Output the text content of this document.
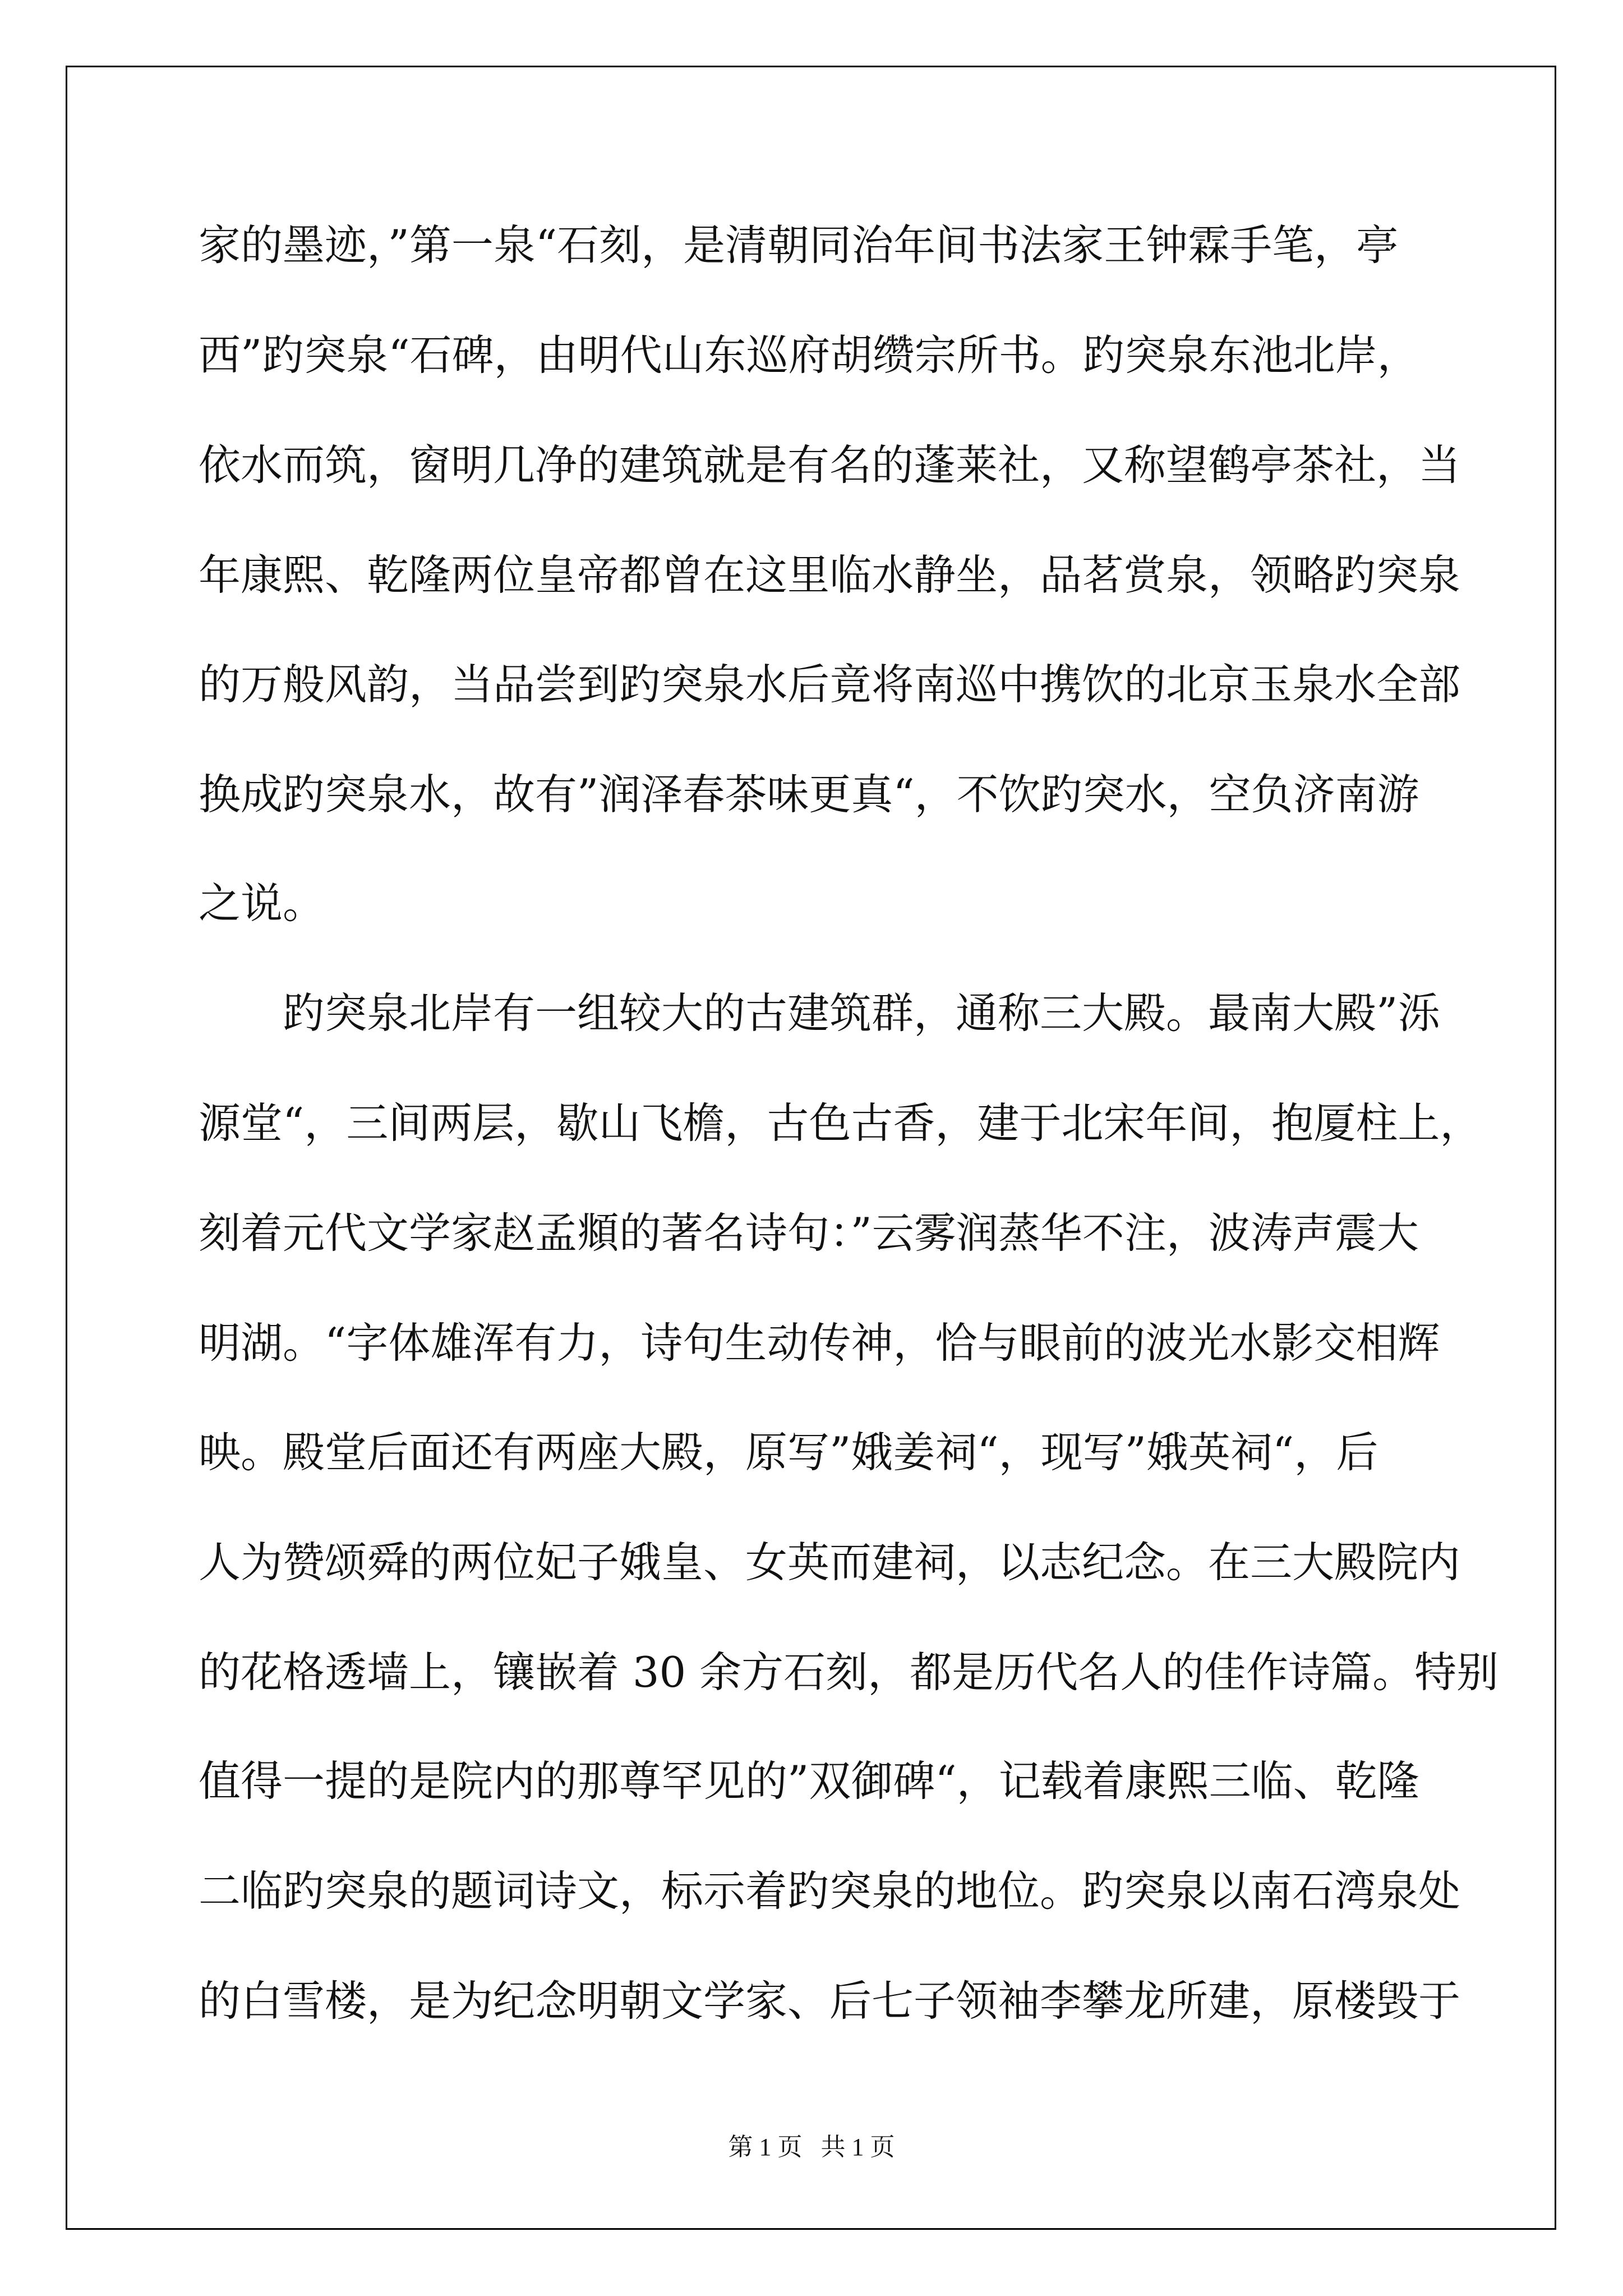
家的墨迹，”第一泉“石刻，是清朝同治年间书法家王钟霖手笔，亭
西”趵突泉“石碑，由明代山东巡府胡缵宗所书。趵突泉东池北岸，
依水而筑，窗明几净的建筑就是有名的蓬莱社，又称望鹤亭茶社，当
年康熙、乾隆两位皇帝都曾在这里临水静坐，品茗赏泉，领略趵突泉
的万般风韵，当品尝到趵突泉水后竟将南巡中携饮的北京玉泉水全部
换成趵突泉水，故有”润泽春茶味更真“，不饮趵突水，空负济南游
之说。
　　趵突泉北岸有一组较大的古建筑群，通称三大殿。最南大殿”泺
源堂“，三间两层，歇山飞檐，古色古香，建于北宋年间，抱厦柱上，
刻着元代文学家赵孟頫的著名诗句：”云雾润蒸华不注，波涛声震大
明湖。“字体雄浑有力，诗句生动传神，恰与眼前的波光水影交相辉
映。殿堂后面还有两座大殿，原写”娥姜祠“，现写”娥英祠“，后
人为赞颂舜的两位妃子娥皇、女英而建祠，以志纪念。在三大殿院内
的花格透墙上，镶嵌着 30 余方石刻，都是历代名人的佳作诗篇。特别
值得一提的是院内的那尊罕见的”双御碑“，记载着康熙三临、乾隆
二临趵突泉的题词诗文，标示着趵突泉的地位。趵突泉以南石湾泉处
的白雪楼，是为纪念明朝文学家、后七子领袖李攀龙所建，原楼毁于
第 1 页   共 1 页
